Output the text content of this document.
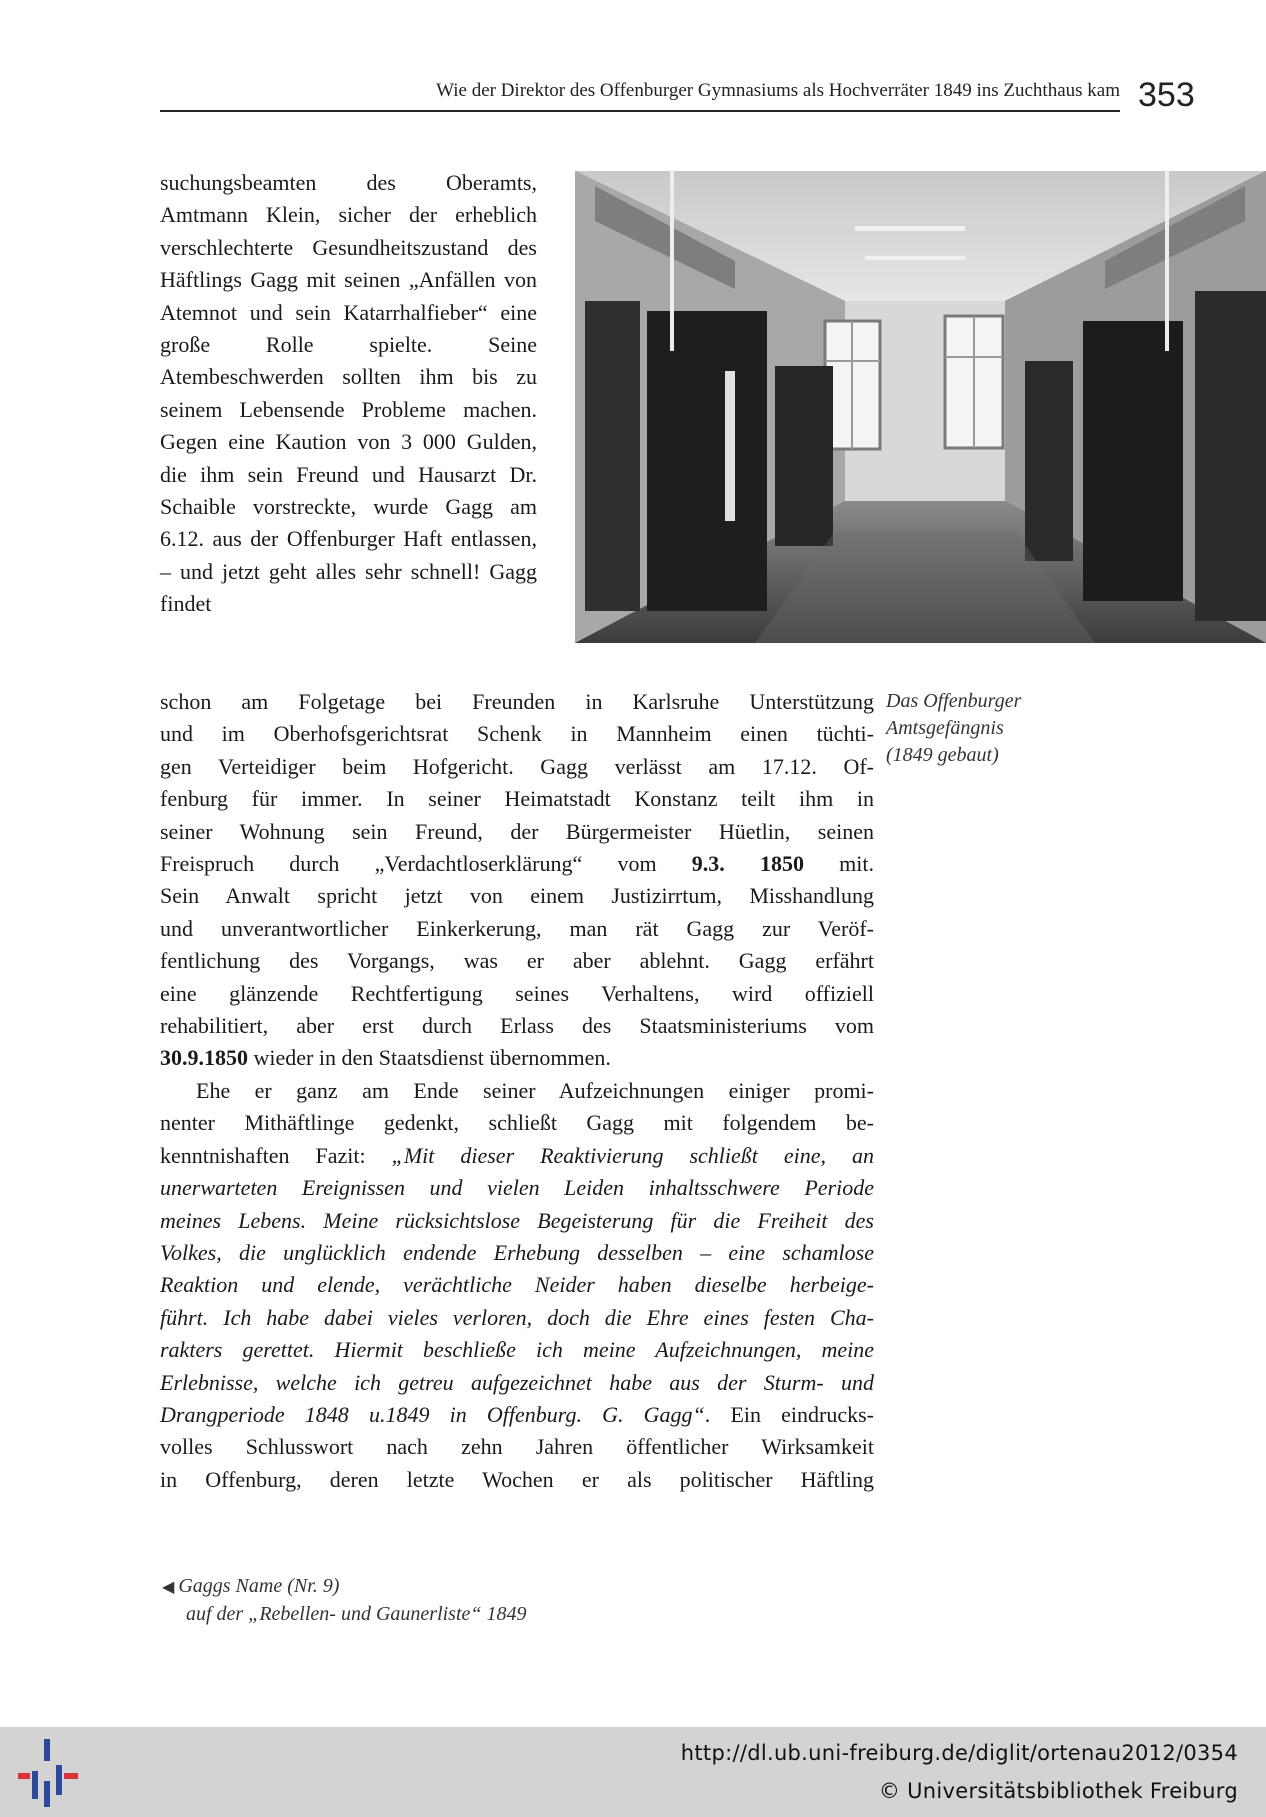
Wie der Direktor des Offenburger Gymnasiums als Hochverräter 1849 ins Zuchthaus kam 353
Das Offenburger
Amtsgefängnis
(1849 gebaut)

suchungsbeamten des Oberamts, Amtmann Klein, sicher der erheblich verschlechterte Gesundheitszustand des Häftlings Gagg mit seinen „Anfällen von Atemnot und sein Katarrhalfieber“ eine große Rolle spielte. Seine Atembeschwerden sollten ihm bis zu seinem Lebensende Probleme machen. Gegen eine Kaution von 3 000 Gulden, die ihm sein Freund und Hausarzt Dr. Schaible vorstreckte, wurde Gagg am 6.12. aus der Offenburger Haft entlassen, – und jetzt geht alles sehr schnell! Gagg findet

schon am Folgetage bei Freunden in Karlsruhe Unterstützung
und im Oberhofsgerichtsrat Schenk in Mannheim einen tüchti-
gen Verteidiger beim Hofgericht. Gagg verlässt am 17.12. Of-
fenburg für immer. In seiner Heimatstadt Konstanz teilt ihm in
seiner Wohnung sein Freund, der Bürgermeister Hüetlin, seinen
Freispruch durch „Verdachtloserklärung“ vom 9.3. 1850 mit.
Sein Anwalt spricht jetzt von einem Justizirrtum, Misshandlung
und unverantwortlicher Einkerkerung, man rät Gagg zur Veröf-
fentlichung des Vorgangs, was er aber ablehnt. Gagg erfährt
eine glänzende Rechtfertigung seines Verhaltens, wird offiziell
rehabilitiert, aber erst durch Erlass des Staatsministeriums vom
30.9.1850 wieder in den Staatsdienst übernommen.
Ehe er ganz am Ende seiner Aufzeichnungen einiger promi-
nenter Mithäftlinge gedenkt, schließt Gagg mit folgendem be-
kenntnishaften Fazit: „Mit dieser Reaktivierung schließt eine, an
unerwarteten Ereignissen und vielen Leiden inhaltsschwere Periode
meines Lebens. Meine rücksichtslose Begeisterung für die Freiheit des
Volkes, die unglücklich endende Erhebung desselben – eine schamlose
Reaktion und elende, verächtliche Neider haben dieselbe herbeige-
führt. Ich habe dabei vieles verloren, doch die Ehre eines festen Cha-
rakters gerettet. Hiermit beschließe ich meine Aufzeichnungen, meine
Erlebnisse, welche ich getreu aufgezeichnet habe aus der Sturm- und
Drangperiode 1848 u.1849 in Offenburg. G. Gagg“. Ein eindrucks-
volles Schlusswort nach zehn Jahren öffentlicher Wirksamkeit
in Offenburg, deren letzte Wochen er als politischer Häftling
◀ Gaggs Name (Nr. 9)
auf der „Rebellen- und Gaunerliste“ 1849
http://dl.ub.uni-freiburg.de/diglit/ortenau2012/0354
© Universitätsbibliothek Freiburg
